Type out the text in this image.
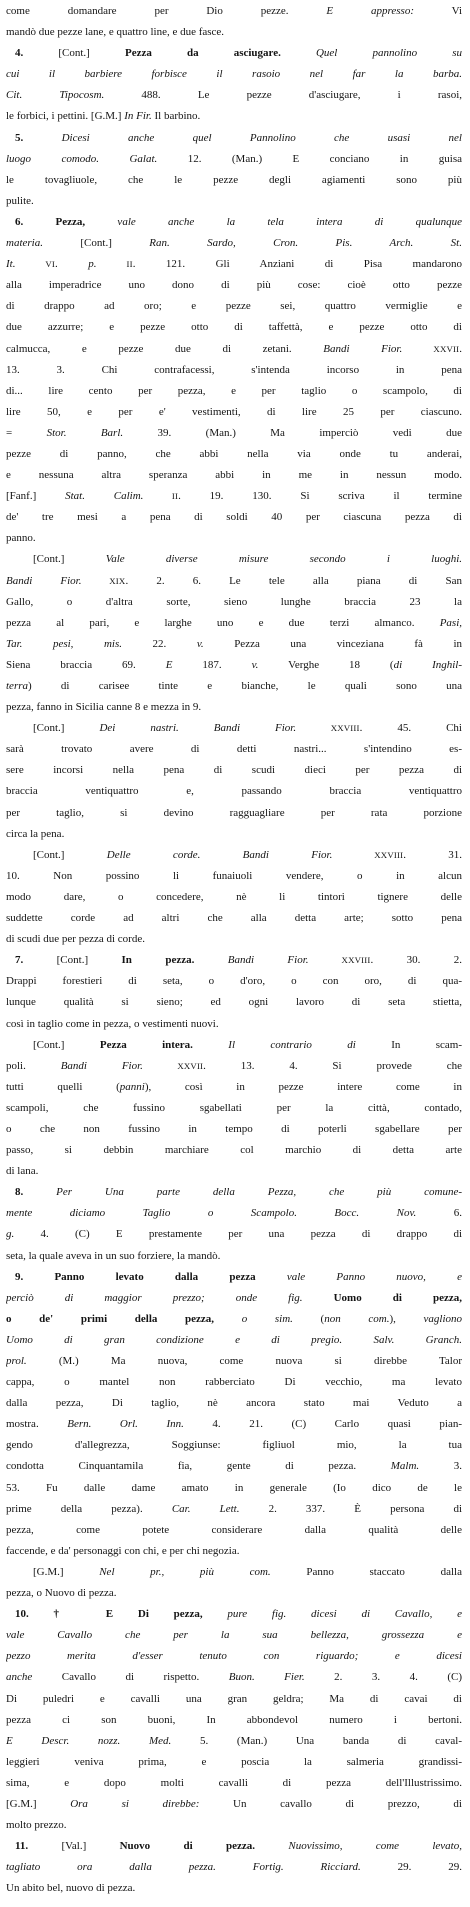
come domandare per Dio pezze. E appresso: Vi
mandò due pezze lane, e quattro line, e due fasce.
4. [Cont.] Pezza da asciugare. Quel pannolino su
cui il barbiere forbisce il rasoio nel far la barba.
Cit. Tipocosm. 488. Le pezze d'asciugare, i rasoi,
le forbici, i pettini. [G.M.] In Fir. Il barbino.
5. Dicesi anche quel Pannolino che usasi nel
luogo comodo. Galat. 12. (Man.) E conciano in guisa
le tovagliuole, che le pezze degli agiamenti sono più
pulite.
6. Pezza, vale anche la tela intera di qualunque
materia. [Cont.] Ran. Sardo, Cron. Pis. Arch. St.
It. VI. p. II. 121. Gli Anziani di Pisa mandarono
alla imperadrice uno dono di più cose: cioè otto pezze
di drappo ad oro; e pezze sei, quattro vermiglie e
due azzurre; e pezze otto di taffettà, e pezze otto di
calmucca, e pezze due di zetani. Bandi Fior. XXVII.
13. 3. Chi contrafacessi, s'intenda incorso in pena
di... lire cento per pezza, e per taglio o scampolo, di
lire 50, e per e' vestimenti, di lire 25 per ciascuno.
= Stor. Barl. 39. (Man.) Ma imperciò vedi due
pezze di panno, che abbi nella via onde tu anderai,
e nessuna altra speranza abbi in me in nessun modo.
[Fanf.] Stat. Calim. II. 19. 130. Si scriva il termine
de' tre mesi a pena di soldi 40 per ciascuna pezza di
panno.
[Cont.] Vale diverse misure secondo i luoghi.
Bandi Fior. XIX. 2. 6. Le tele alla piana di San
Gallo, o d'altra sorte, sieno lunghe braccia 23 la
pezza al pari, e larghe uno e due terzi almanco. Pasi,
Tar. pesi, mis. 22. v. Pezza una vinceziana fà in
Siena braccia 69. E 187. v. Verghe 18 (di Inghil-
terra) di carisee tinte e bianche, le quali sono una
pezza, fanno in Sicilia canne 8 e mezza in 9.
[Cont.] Dei nastri. Bandi Fior. XXVIII. 45. Chi
sarà trovato avere di detti nastri... s'intendino es-
sere incorsi nella pena di scudi dieci per pezza di
braccia ventiquattro e, passando braccia ventiquattro
per taglio, si devino ragguagliare per rata porzione
circa la pena.
[Cont.] Delle corde. Bandi Fior. XXVIII. 31.
10. Non possino li funaiuoli vendere, o in alcun
modo dare, o concedere, nè li tintori tignere delle
suddette corde ad altri che alla detta arte; sotto pena
di scudi due per pezza di corde.
7. [Cont.] In pezza. Bandi Fior. XXVIII. 30. 2.
Drappi forestieri di seta, o d'oro, o con oro, di qua-
lunque qualità si sieno; ed ogni lavoro di seta stietta,
così in taglio come in pezza, o vestimenti nuovi.
[Cont.] Pezza intera. Il contrario di In scam-
poli. Bandi Fior. XXVII. 13. 4. Si provede che
tutti quelli (panni), così in pezze intere come in
scampoli, che fussino sgabellati per la città, contado,
o che non fussino in tempo di poterli sgabellare per
passo, si debbin marchiare col marchio di detta arte
di lana.
8. Per Una parte della Pezza, che più comune-
mente diciamo Taglio o Scampolo. Bocc. Nov. 6.
g. 4. (C) E prestamente per una pezza di drappo di
seta, la quale aveva in un suo forziere, la mandò.
9. Panno levato dalla pezza vale Panno nuovo, e
perciò di maggior prezzo; onde fig. Uomo di pezza,
o de' primi della pezza, o sim. (non com.), vagliono
Uomo di gran condizione e di pregio. Salv. Granch.
prol. (M.) Ma nuova, come nuova si direbbe Talor
cappa, o mantel non rabberciato Di vecchio, ma levato
dalla pezza, Di taglio, nè ancora stato mai Veduto a
mostra. Bern. Orl. Inn. 4. 21. (C) Carlo quasi pian-
gendo d'allegrezza, Soggiunse: figliuol mio, la tua
condotta Cinquantamila fia, gente di pezza. Malm. 3.
53. Fu dalle dame amato in generale (Io dico de le
prime della pezza). Car. Lett. 2. 337. È persona di
pezza, come potete considerare dalla qualità delle
faccende, e da' personaggi con chi, e per chi negozia.
[G.M.] Nel pr., più com. Panno staccato dalla
pezza, o Nuovo di pezza.
10. † E Di pezza, pure fig. dicesi di Cavallo, e
vale Cavallo che per la sua bellezza, grossezza e
pezzo merita d'esser tenuto con riguardo; e dicesi
anche Cavallo di rispetto. Buon. Fier. 2. 3. 4. (C)
Di puledri e cavalli una gran geldra; Ma di cavai di
pezza ci son buoni, In abbondevol numero i bertoni.
E Descr. nozz. Med. 5. (Man.) Una banda di caval-
leggieri veniva prima, e poscia la salmeria grandissi-
sima, e dopo molti cavalli di pezza dell'Illustrissimo.
[G.M.] Ora si direbbe: Un cavallo di prezzo, di
molto prezzo.
11. [Val.] Nuovo di pezza. Nuovissimo, come levato,
tagliato ora dalla pezza. Fortig. Ricciard. 29. 29.
Un abito bel, nuovo di pezza.
